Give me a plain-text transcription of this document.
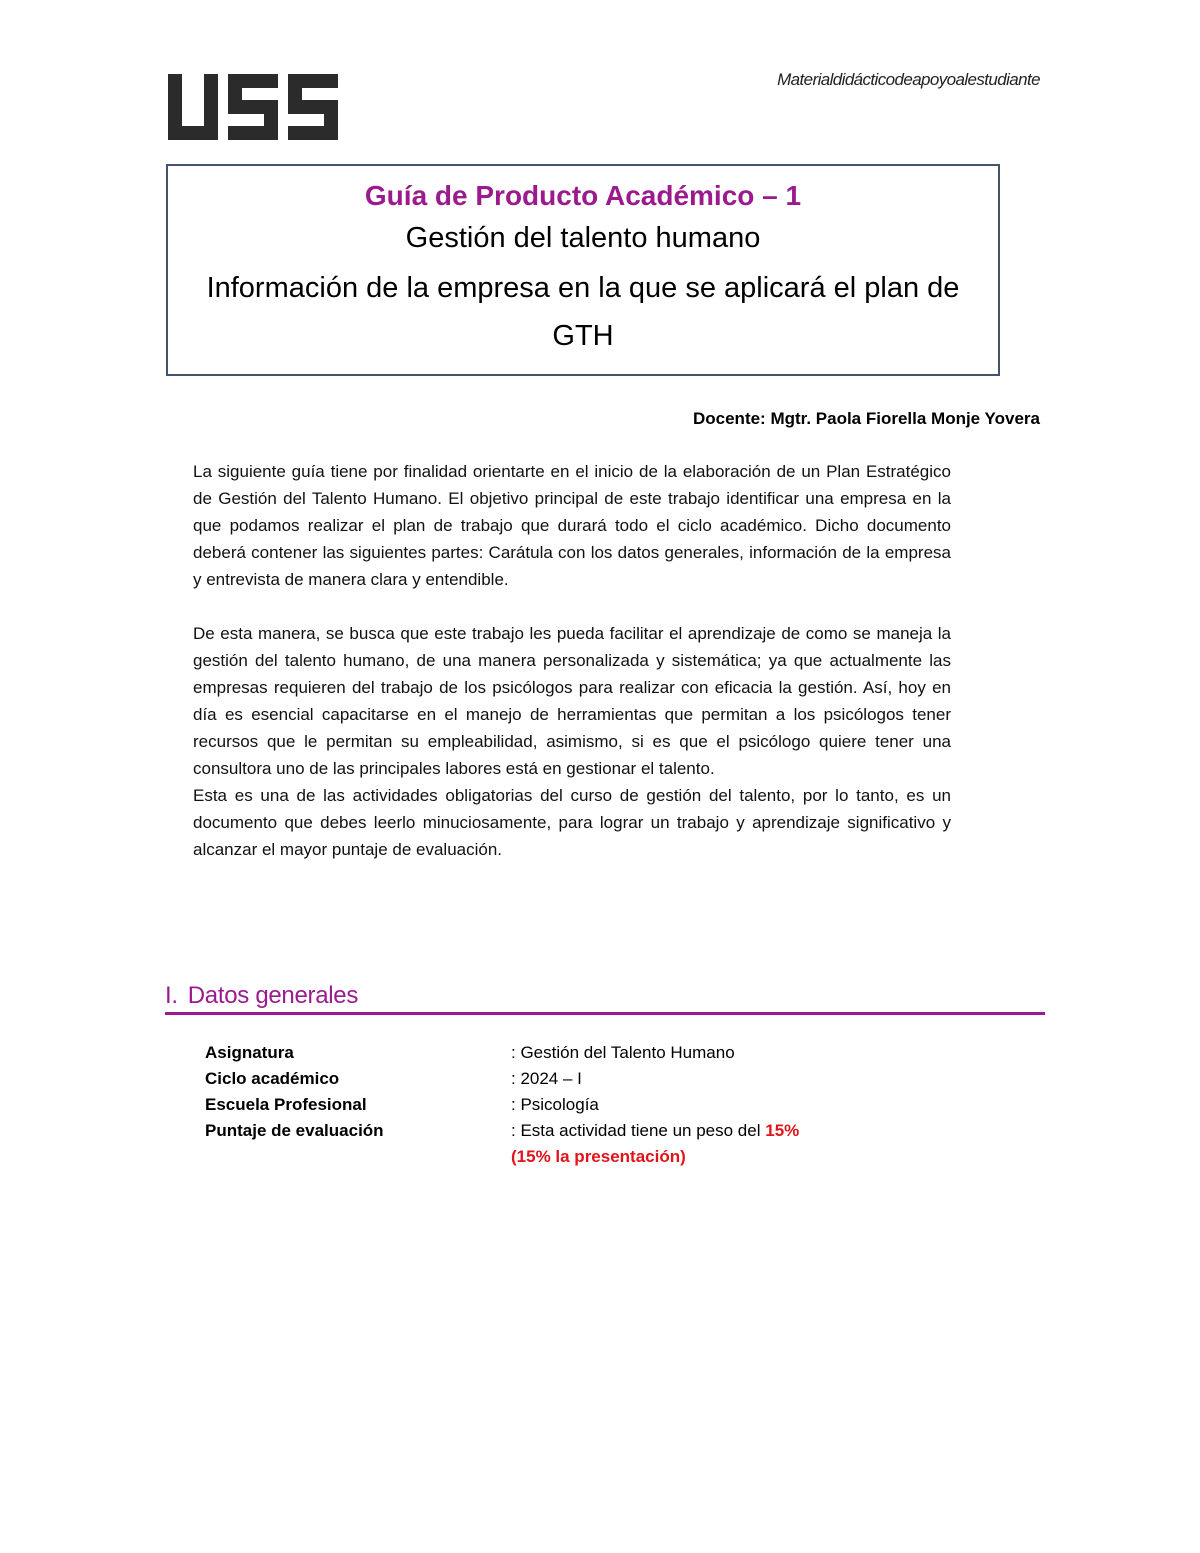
Materialdidácticodeapoyoalestudiante
Guía de Producto Académico – 1
Gestión del talento humano
Información de la empresa en la que se aplicará el plan de GTH
Docente: Mgtr. Paola Fiorella Monje Yovera

La siguiente guía tiene por finalidad orientarte en el inicio de la elaboración de un Plan Estratégico de Gestión del Talento Humano. El objetivo principal de este trabajo identificar una empresa en la que podamos realizar el plan de trabajo que durará todo el ciclo académico. Dicho documento deberá contener las siguientes partes: Carátula con los datos generales, información de la empresa y entrevista de manera clara y entendible.

De esta manera, se busca que este trabajo les pueda facilitar el aprendizaje de como se maneja la gestión del talento humano, de una manera personalizada y sistemática; ya que actualmente las empresas requieren del trabajo de los psicólogos para realizar con eficacia la gestión. Así, hoy en día es esencial capacitarse en el manejo de herramientas que permitan a los psicólogos tener recursos que le permitan su empleabilidad, asimismo, si es que el psicólogo quiere tener una consultora uno de las principales labores está en gestionar el talento.

Esta es una de las actividades obligatorias del curso de gestión del talento, por lo tanto, es un documento que debes leerlo minuciosamente, para lograr un trabajo y aprendizaje significativo y alcanzar el mayor puntaje de evaluación.

I. Datos generales
Asignatura	: Gestión del Talento Humano
Ciclo académico	: 2024 – I
Escuela Profesional	: Psicología
Puntaje de evaluación	: Esta actividad tiene un peso del 15%
(15% la presentación)
